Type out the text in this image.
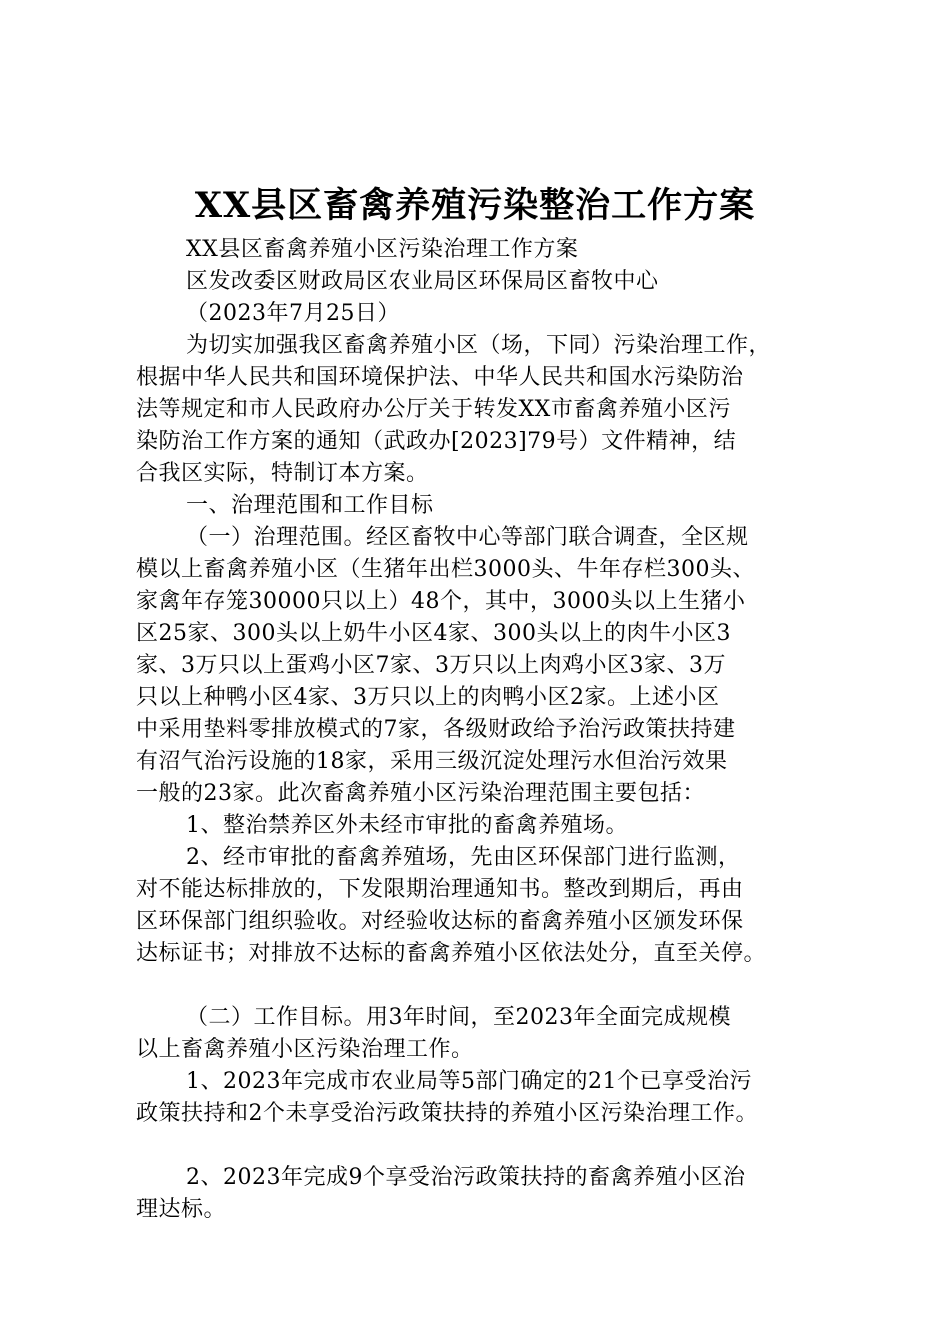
XX县区畜禽养殖污染整治工作方案
XX县区畜禽养殖小区污染治理工作方案
区发改委区财政局区农业局区环保局区畜牧中心
（2023年7月25日）
为切实加强我区畜禽养殖小区（场，下同）污染治理工作，
根据中华人民共和国环境保护法、中华人民共和国水污染防治
法等规定和市人民政府办公厅关于转发XX市畜禽养殖小区污
染防治工作方案的通知（武政办[2023]79号）文件精神，结
合我区实际，特制订本方案。
一、治理范围和工作目标
（一）治理范围。经区畜牧中心等部门联合调查，全区规
模以上畜禽养殖小区（生猪年出栏3000头、牛年存栏300头、
家禽年存笼30000只以上）48个，其中，3000头以上生猪小
区25家、300头以上奶牛小区4家、300头以上的肉牛小区3
家、3万只以上蛋鸡小区7家、3万只以上肉鸡小区3家、3万
只以上种鸭小区4家、3万只以上的肉鸭小区2家。上述小区
中采用垫料零排放模式的7家，各级财政给予治污政策扶持建
有沼气治污设施的18家，采用三级沉淀处理污水但治污效果
一般的23家。此次畜禽养殖小区污染治理范围主要包括：
1、整治禁养区外未经市审批的畜禽养殖场。
2、经市审批的畜禽养殖场，先由区环保部门进行监测，
对不能达标排放的，下发限期治理通知书。整改到期后，再由
区环保部门组织验收。对经验收达标的畜禽养殖小区颁发环保
达标证书；对排放不达标的畜禽养殖小区依法处分，直至关停。
（二）工作目标。用3年时间，至2023年全面完成规模
以上畜禽养殖小区污染治理工作。
1、2023年完成市农业局等5部门确定的21个已享受治污
政策扶持和2个未享受治污政策扶持的养殖小区污染治理工作。
2、2023年完成9个享受治污政策扶持的畜禽养殖小区治
理达标。
